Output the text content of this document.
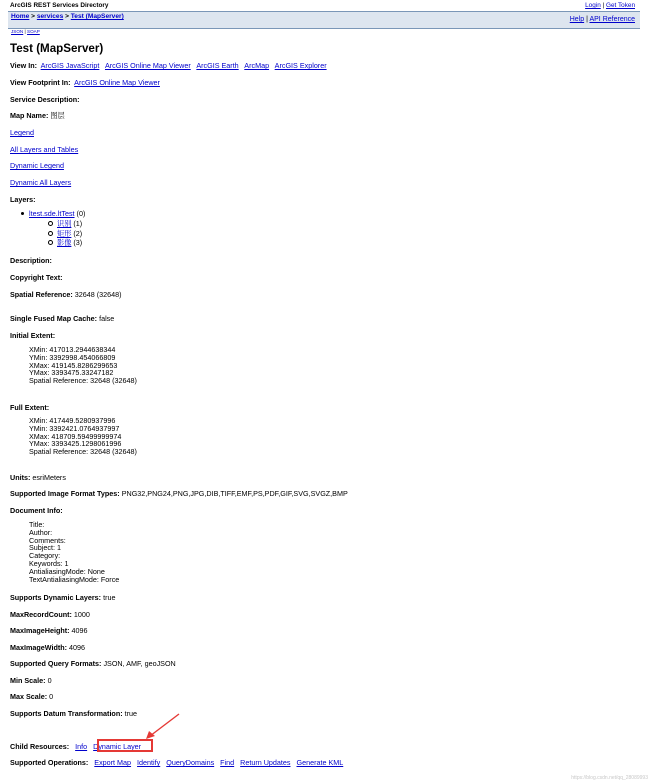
ArcGIS REST Services Directory	Login | Get Token
Home > services > Test (MapServer)	Help | API Reference
JSON | SOAP
Test (MapServer)
View In: ArcGIS JavaScript ArcGIS Online Map Viewer ArcGIS Earth ArcMap ArcGIS Explorer
View Footprint In: ArcGIS Online Map Viewer
Service Description:
Map Name: 图层
Legend
All Layers and Tables
Dynamic Legend
Dynamic All Layers
Layers:
ltest.sde.ltTest (0)
识别 (1)
矩形 (2)
影像 (3)
Description:
Copyright Text:
Spatial Reference: 32648 (32648)
Single Fused Map Cache: false
Initial Extent:
XMin: 417013.2944638344
YMin: 3392998.454066809
XMax: 419145.8286299653
YMax: 3393475.33247182
Spatial Reference: 32648 (32648)
Full Extent:
XMin: 417449.5280937996
YMin: 3392421.0764937997
XMax: 418709.59499999974
YMax: 3393425.1298061996
Spatial Reference: 32648 (32648)
Units: esriMeters
Supported Image Format Types: PNG32,PNG24,PNG,JPG,DIB,TIFF,EMF,PS,PDF,GIF,SVG,SVGZ,BMP
Document Info:
Title:
Author:
Comments:
Subject: 1
Category:
Keywords: 1
AntialiasingMode: None
TextAntialiasingMode: Force
Supports Dynamic Layers: true
MaxRecordCount: 1000
MaxImageHeight: 4096
MaxImageWidth: 4096
Supported Query Formats: JSON, AMF, geoJSON
Min Scale: 0
Max Scale: 0
Supports Datum Transformation: true
Child Resources: Info Dynamic Layer
Supported Operations: Export Map Identify QueryDomains Find Return Updates Generate KML
https://blog.csdn.net/qq_28089993
